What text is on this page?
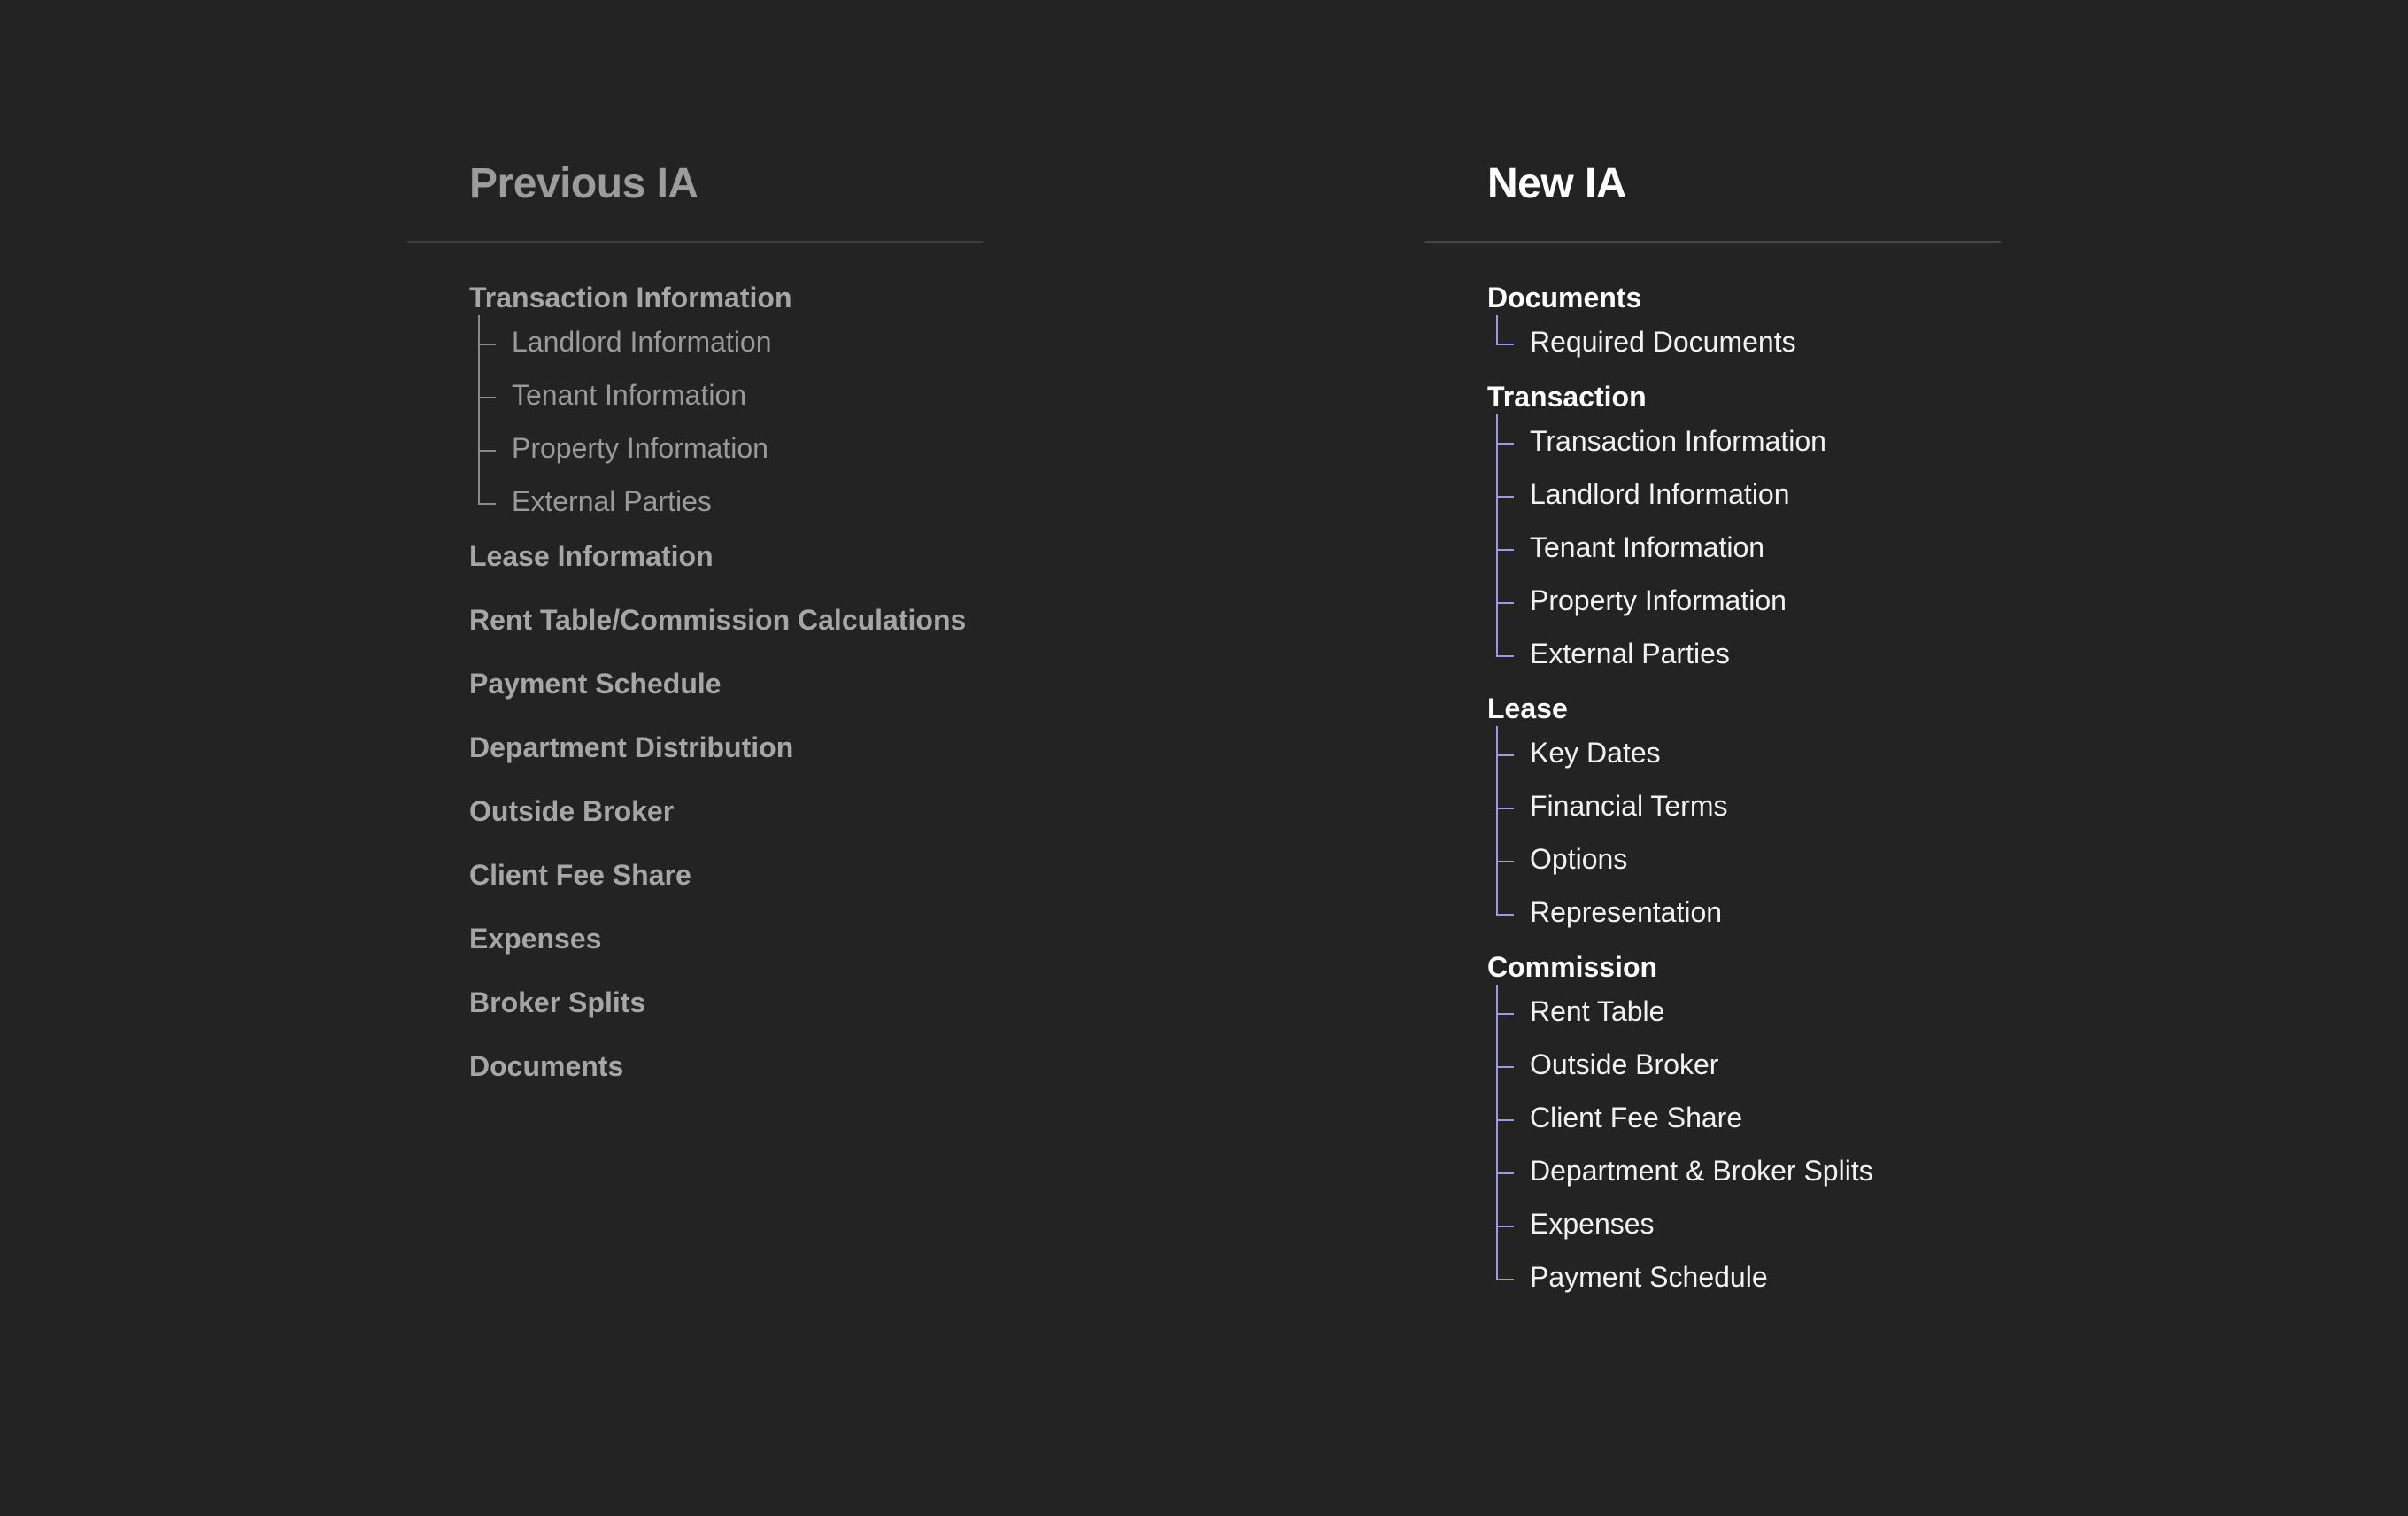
Previous IA
Transaction Information
Landlord Information
Tenant Information
Property Information
External Parties
Lease Information
Rent Table/Commission Calculations
Payment Schedule
Department Distribution
Outside Broker
Client Fee Share
Expenses
Broker Splits
Documents
New IA
Documents
Required Documents
Transaction
Transaction Information
Landlord Information
Tenant Information
Property Information
External Parties
Lease
Key Dates
Financial Terms
Options
Representation
Commission
Rent Table
Outside Broker
Client Fee Share
Department & Broker Splits
Expenses
Payment Schedule
